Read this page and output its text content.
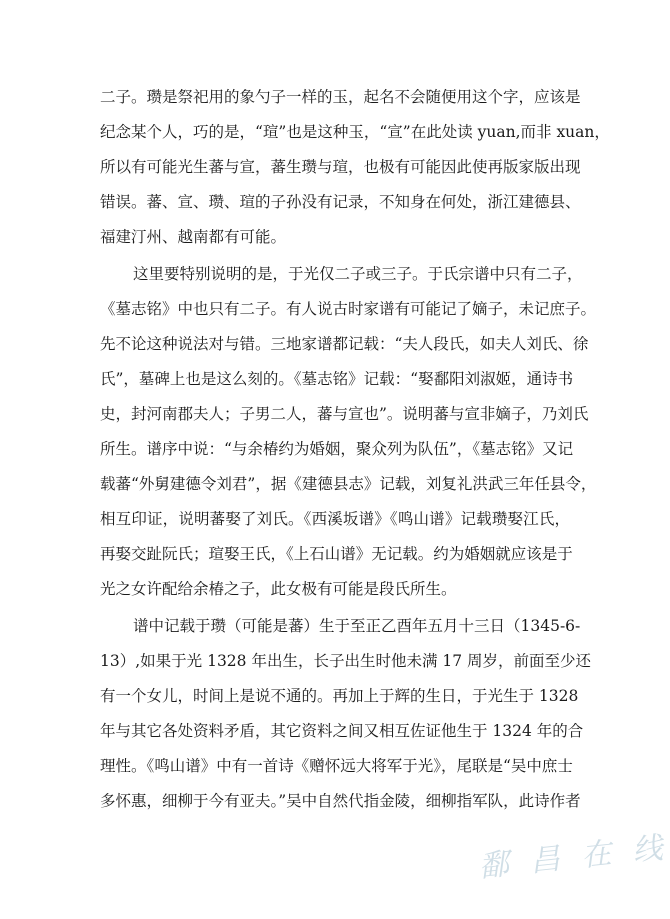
二子。瓒是祭祀用的象勺子一样的玉，起名不会随便用这个字，应该是
纪念某个人，巧的是，“瑄”也是这种玉，“宣”在此处读 yuan,而非 xuan，
所以有可能光生蕃与宣，蕃生瓒与瑄，也极有可能因此使再版家版出现
错误。蕃、宣、瓒、瑄的子孙没有记录，不知身在何处，浙江建德县、
福建汀州、越南都有可能。
这里要特别说明的是，于光仅二子或三子。于氏宗谱中只有二子，
《墓志铭》中也只有二子。有人说古时家谱有可能记了嫡子，未记庶子。
先不论这种说法对与错。三地家谱都记载：“夫人段氏，如夫人刘氏、徐
氏”，墓碑上也是这么刻的。《墓志铭》记载：“娶鄱阳刘淑姬，通诗书
史，封河南郡夫人；子男二人，蕃与宣也”。说明蕃与宣非嫡子，乃刘氏
所生。谱序中说：“与余椿约为婚姻，聚众列为队伍”，《墓志铭》又记
载蕃“外舅建德令刘君”，据《建德县志》记载，刘复礼洪武三年任县令，
相互印证，说明蕃娶了刘氏。《西溪坂谱》《鸣山谱》记载瓒娶江氏，
再娶交趾阮氏；瑄娶王氏，《上石山谱》无记载。约为婚姻就应该是于
光之女许配给余椿之子，此女极有可能是段氏所生。
谱中记载于瓒（可能是蕃）生于至正乙酉年五月十三日（1345-6-
13）,如果于光 1328 年出生，长子出生时他未满 17 周岁，前面至少还
有一个女儿，时间上是说不通的。再加上于辉的生日，于光生于 1328
年与其它各处资料矛盾，其它资料之间又相互佐证他生于 1324 年的合
理性。《鸣山谱》中有一首诗《赠怀远大将军于光》，尾联是“吴中庶士
多怀惠，细柳于今有亚夫。”吴中自然代指金陵，细柳指军队，此诗作者
鄱 昌 在 线
